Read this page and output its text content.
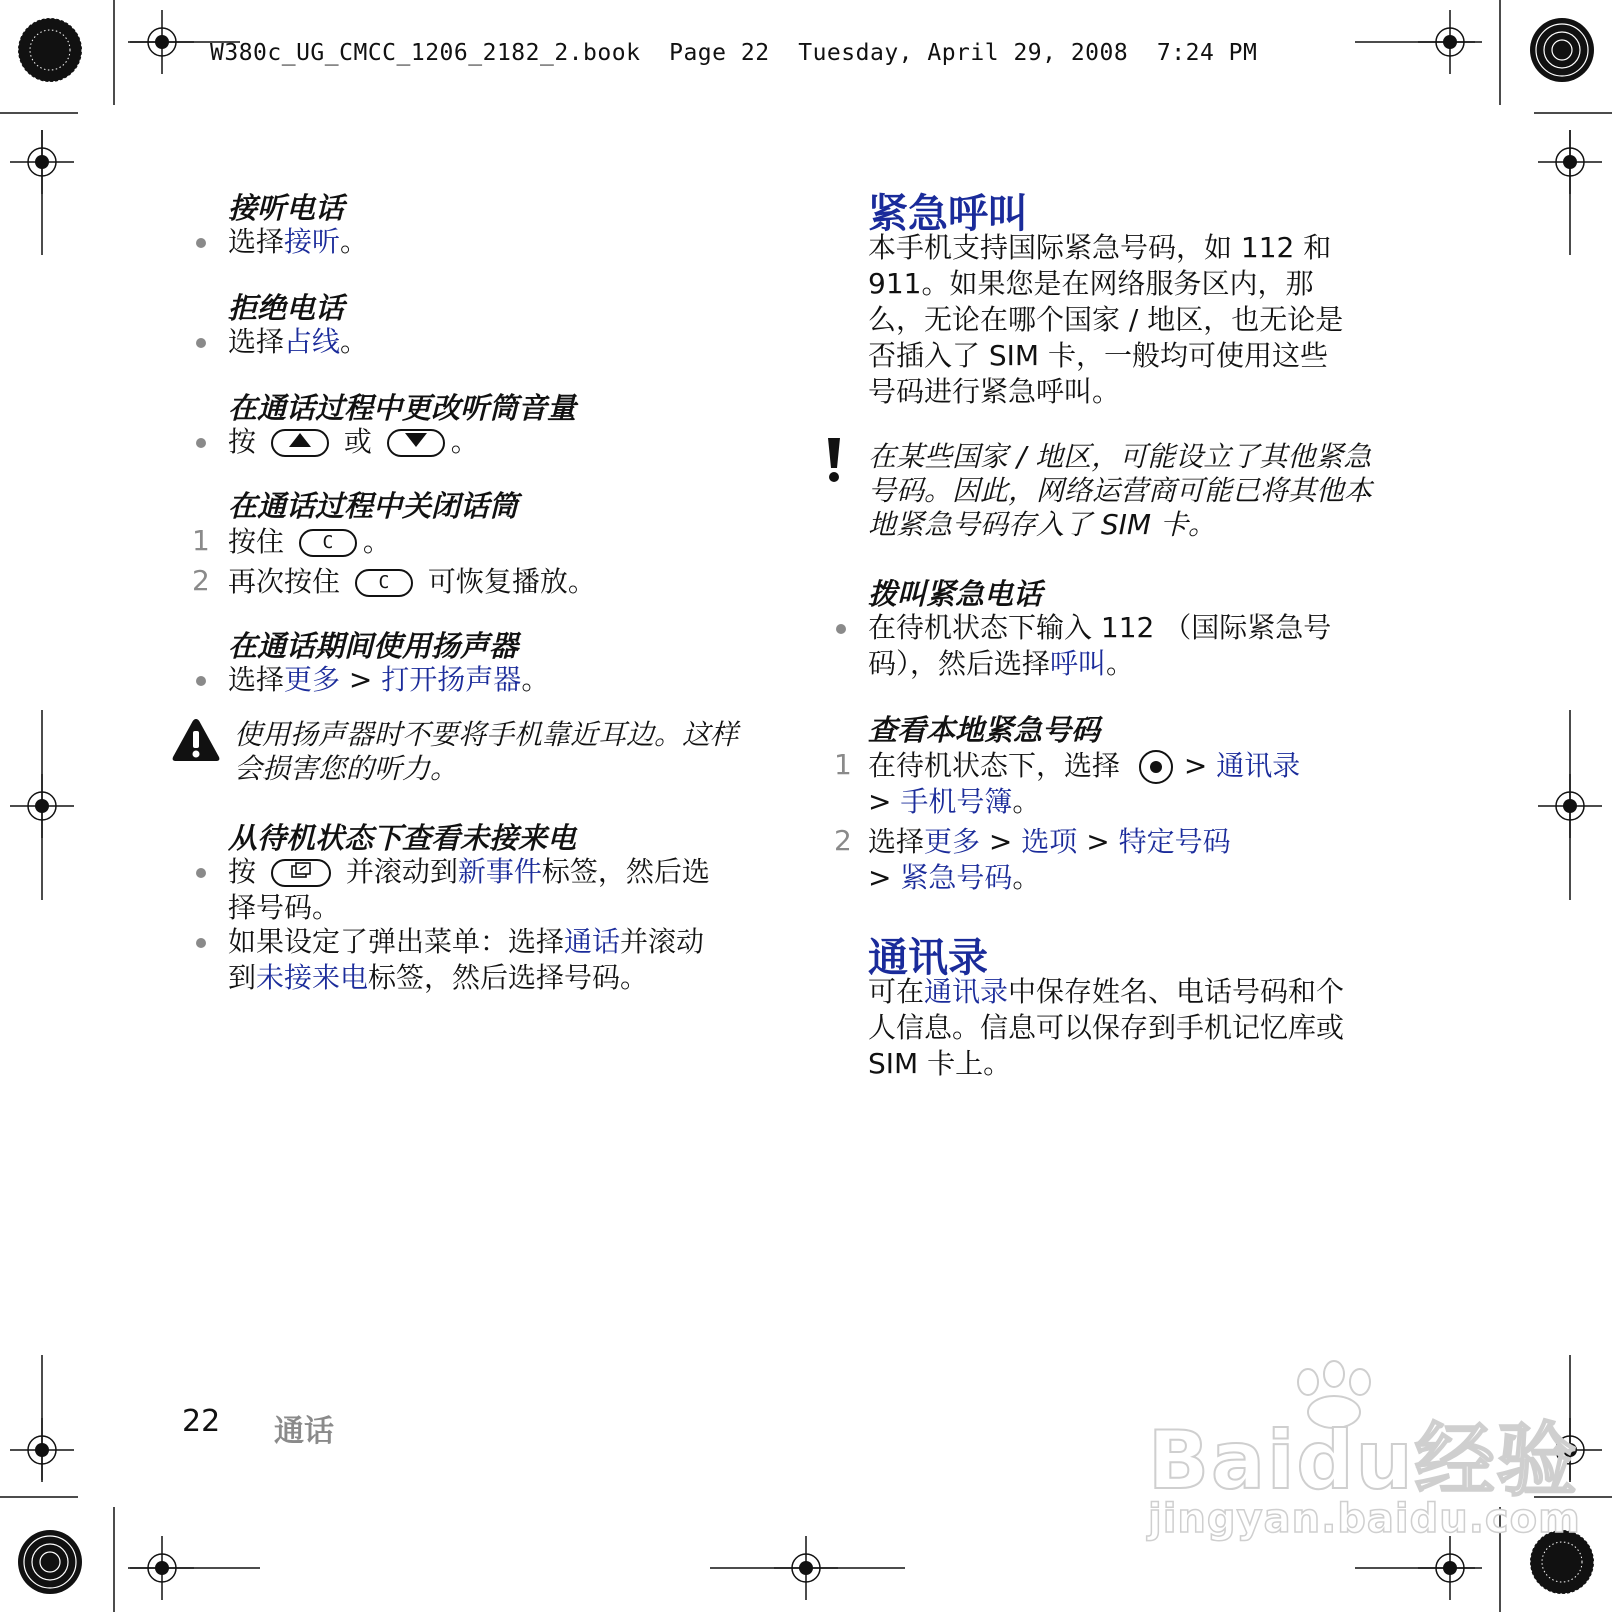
W380c_UG_CMCC_1206_2182_2.book  Page 22  Tuesday, April 29, 2008  7:24 PM
接听电话
选择接听。
拒绝电话
选择占线。
在通话过程中更改听筒音量
按	或	。
在通话过程中关闭话筒
1 按住 C 。
2 再次按住 C 可恢复播放。
在通话期间使用扬声器
选择更多 > 打开扬声器。
使用扬声器时不要将手机靠近耳边。这样
会损害您的听力。
从待机状态下查看未接来电
按	并滚动到新事件标签，然后选
择号码。
如果设定了弹出菜单：选择通话并滚动
到未接来电标签，然后选择号码。
紧急呼叫
本手机支持国际紧急号码，如 112 和
911。如果您是在网络服务区内，那
么，无论在哪个国家 / 地区，也无论是
否插入了 SIM 卡，一般均可使用这些
号码进行紧急呼叫。
在某些国家 / 地区，可能设立了其他紧急
号码。因此，网络运营商可能已将其他本
地紧急号码存入了 SIM 卡。
拨叫紧急电话
在待机状态下输入 112 （国际紧急号
码），然后选择呼叫。
查看本地紧急号码
1 在待机状态下，选择
> 通讯录
> 手机号簿。
2 选择更多 > 选项 > 特定号码
> 紧急号码。
通讯录
可在通讯录中保存姓名、电话号码和个
人信息。信息可以保存到手机记忆库或
SIM 卡上。
22 通话	Baidu经验
jingyan.baidu.com
